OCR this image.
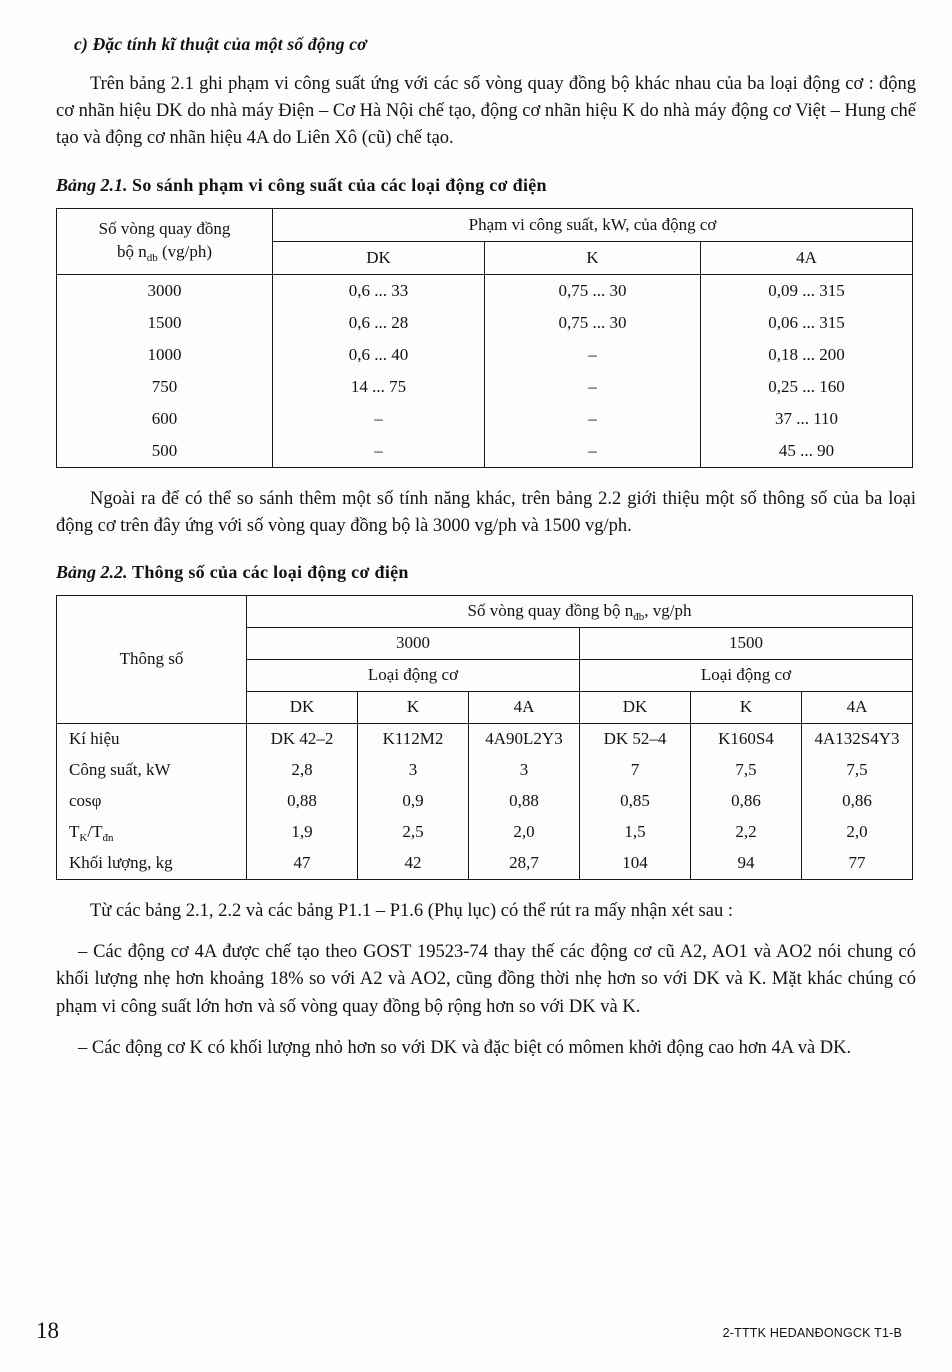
c) Đặc tính kĩ thuật của một số động cơ

Trên bảng 2.1 ghi phạm vi công suất ứng với các số vòng quay đồng bộ khác nhau của ba loại động cơ : động cơ nhãn hiệu DK do nhà máy Điện – Cơ Hà Nội chế tạo, động cơ nhãn hiệu K do nhà máy động cơ Việt – Hung chế tạo và động cơ nhãn hiệu 4A do Liên Xô (cũ) chế tạo.

Bảng 2.1. So sánh phạm vi công suất của các loại động cơ điện
Số vòng quay đồng
bộ $n_{db}$ (vg/ph)	Phạm vi công suất, kW, của động cơ		
	DK	K	4A
3000	0,6 ... 33	0,75 ... 30	0,09 ... 315
1500	0,6 ... 28	0,75 ... 30	0,06 ... 315
1000	0,6 ... 40	–	0,18 ... 200
750	14 ... 75	–	0,25 ... 160
600	–	–	37 ... 110
500	–	–	45 ... 90

Ngoài ra để có thể so sánh thêm một số tính năng khác, trên bảng 2.2 giới thiệu một số thông số của ba loại động cơ trên đây ứng với số vòng quay đồng bộ là 3000 vg/ph và 1500 vg/ph.

Bảng 2.2. Thông số của các loại động cơ điện
Thông số	Số vòng quay đồng bộ $n_{đb}$, vg/ph					
	3000			1500		
	Loại động cơ			Loại động cơ		
	DK	K	4A	DK	K	4A
Kí hiệu	DK 42–2	K112M2	4A90L2Y3	DK 52–4	K160S4	4A132S4Y3
Công suất, kW	2,8	3	3	7	7,5	7,5
cosφ	0,88	0,9	0,88	0,85	0,86	0,86
$T_K/T_{đn}$	1,9	2,5	2,0	1,5	2,2	2,0
Khối lượng, kg	47	42	28,7	104	94	77

Từ các bảng 2.1, 2.2 và các bảng P1.1 – P1.6 (Phụ lục) có thể rút ra mấy nhận xét sau :

– Các động cơ 4A được chế tạo theo GOST 19523-74 thay thế các động cơ cũ A2, AO1 và AO2 nói chung có khối lượng nhẹ hơn khoảng 18% so với A2 và AO2, cũng đồng thời nhẹ hơn so với DK và K. Mặt khác chúng có phạm vi công suất lớn hơn và số vòng quay đồng bộ rộng hơn so với DK và K.

– Các động cơ K có khối lượng nhỏ hơn so với DK và đặc biệt có mômen khởi động cao hơn 4A và DK.

18	2-TTTK HEDANĐONGCK T1-B
